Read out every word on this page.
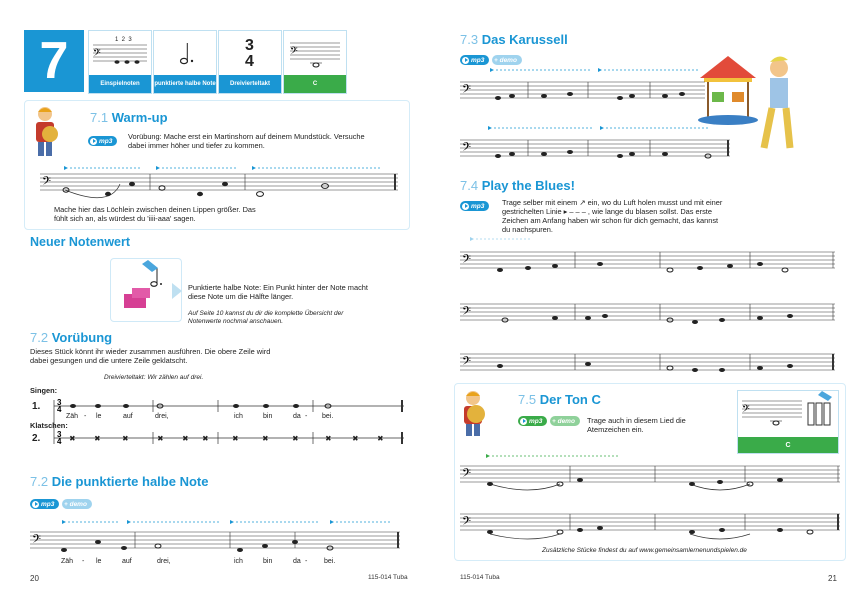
7	𝄢
1  2  3
Einspielnoten	punktierte halbe Note
3
4
Dreivierteltakt
𝄢
C
7.1 Warm-up
mp3 Vorübung: Mache erst ein Martinshorn auf deinem Mundstück. Versuche dabei immer höher und tiefer zu kommen.
𝄢
Mache hier das Löchlein zwischen deinen Lippen größer. Das fühlt sich an, als würdest du 'iiii-aaa' sagen.
Neuer Notenwert
Punktierte halbe Note: Ein Punkt hinter der Note macht diese Note um die Hälfte länger.
Auf Seite 10 kannst du dir die komplette Übersicht der Notenwerte nochmal anschauen.
7.2 Vorübung
Dieses Stück könnt ihr wieder zusammen ausführen. Die obere Zeile wird dabei gesungen und die untere Zeile geklatscht.
Dreivierteltakt: Wir zählen auf drei.
Singen:
1.
Klatschen:
2.
3
4
3
4 ×	×	×	×	× ×	×	×	×	×	×	×
Zäh - le	auf	drei,	ich	bin	da - bei.
7.2 Die punktierte halbe Note
mp3 + demo
𝄢
Zäh - le	auf	drei,	ich	bin	da - bei.
20	115-014 Tuba
7.3 Das Karussell
mp3 + demo
𝄢
𝄢
7.4 Play the Blues!
mp3 Trage selber mit einem ↗ ein, wo du Luft holen musst und mit einer gestrichelten Linie ▸ – – – , wie lange du blasen sollst. Das erste Zeichen am Anfang haben wir schon für dich gemacht, das kannst du nachspuren.
𝄢
𝄢
𝄢
7.5 Der Ton C
mp3 + demo Trage auch in diesem Lied die Atemzeichen ein.
𝄢
C
𝄢
𝄢
Zusätzliche Stücke findest du auf www.gemeinsamlernenundspielen.de
115-014 Tuba	21
